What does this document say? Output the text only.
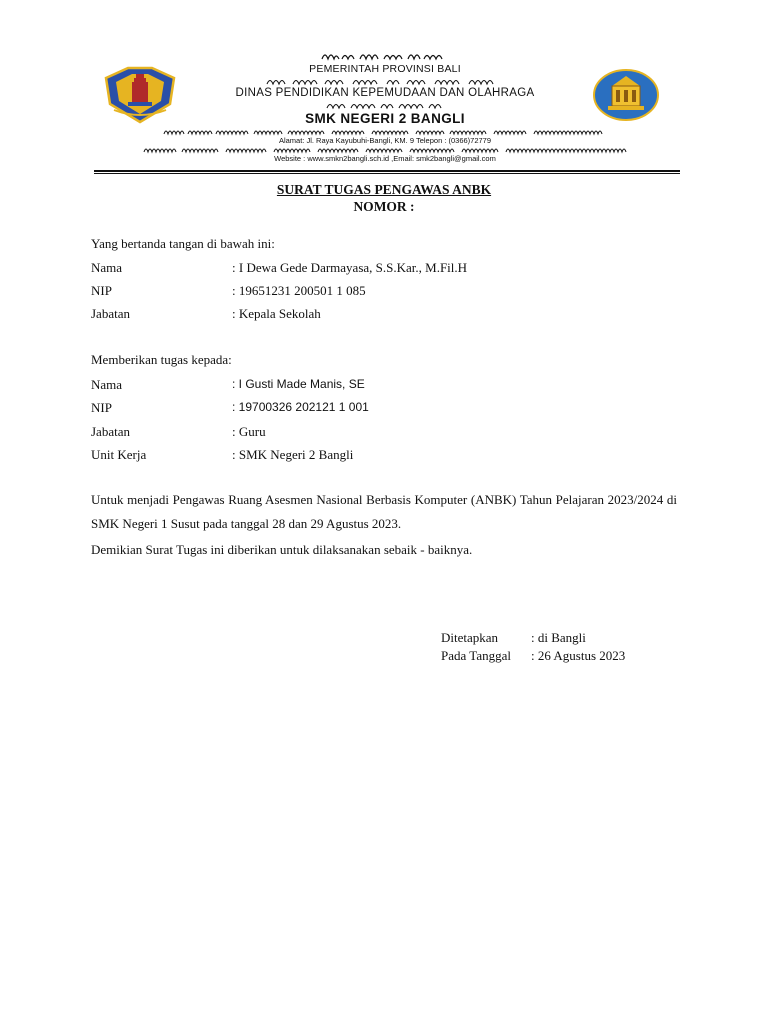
PEMERINTAH PROVINSI BALI
DINAS PENDIDIKAN KEPEMUDAAN DAN OLAHRAGA
SMK NEGERI 2 BANGLI
Alamat: Jl. Raya Kayubuhi-Bangli, KM. 9 Telepon : (0366)72779
Website : www.smkn2bangli.sch.id ,Email: smk2bangli@gmail.com
SURAT TUGAS PENGAWAS ANBK
NOMOR :
Yang bertanda tangan di bawah ini:
Nama	: I Dewa Gede Darmayasa, S.S.Kar., M.Fil.H
NIP	: 19651231 200501 1 085
Jabatan	: Kepala Sekolah
Memberikan tugas kepada:
Nama	: I Gusti Made Manis, SE
NIP	: 19700326 202121 1 001
Jabatan	: Guru
Unit Kerja	: SMK Negeri 2 Bangli
Untuk menjadi Pengawas Ruang Asesmen Nasional Berbasis Komputer (ANBK) Tahun Pelajaran 2023/2024 di SMK Negeri 1 Susut pada tanggal 28 dan 29 Agustus 2023.
Demikian Surat Tugas ini diberikan untuk dilaksanakan sebaik - baiknya.
Ditetapkan	: di Bangli
Pada Tanggal : 26 Agustus 2023
